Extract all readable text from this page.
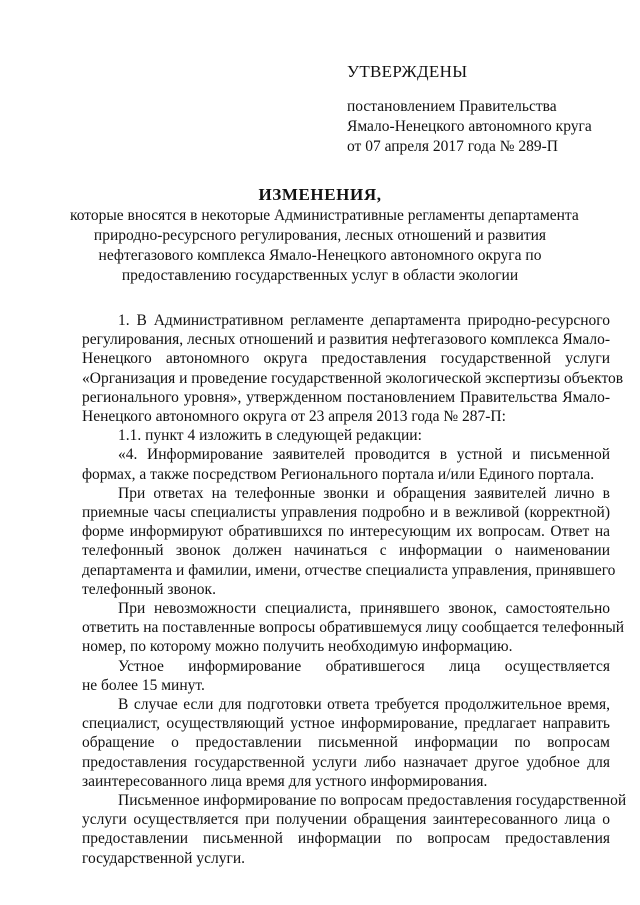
УТВЕРЖДЕНЫ
постановлением Правительства
Ямало-Ненецкого автономного круга
от 07 апреля 2017 года № 289-П
ИЗМЕНЕНИЯ,
которые вносятся в некоторые Административные регламенты департамента
природно-ресурсного регулирования, лесных отношений и развития
нефтегазового комплекса Ямало-Ненецкого автономного округа по
предоставлению государственных услуг в области экологии
1. В Административном регламенте департамента природно-ресурсного
регулирования, лесных отношений и развития нефтегазового комплекса Ямало-
Ненецкого автономного округа предоставления государственной услуги
«Организация и проведение государственной экологической экспертизы объектов
регионального уровня», утвержденном постановлением Правительства Ямало-
Ненецкого автономного округа от 23 апреля 2013 года № 287-П:
1.1. пункт 4 изложить в следующей редакции:
«4. Информирование заявителей проводится в устной и письменной
формах, а также посредством Регионального портала и/или Единого портала.
При ответах на телефонные звонки и обращения заявителей лично в
приемные часы специалисты управления подробно и в вежливой (корректной)
форме информируют обратившихся по интересующим их вопросам. Ответ на
телефонный звонок должен начинаться с информации о наименовании
департамента и фамилии, имени, отчестве специалиста управления, принявшего
телефонный звонок.
При невозможности специалиста, принявшего звонок, самостоятельно
ответить на поставленные вопросы обратившемуся лицу сообщается телефонный
номер, по которому можно получить необходимую информацию.
Устное информирование обратившегося лица осуществляется
не более 15 минут.
В случае если для подготовки ответа требуется продолжительное время,
специалист, осуществляющий устное информирование, предлагает направить
обращение о предоставлении письменной информации по вопросам
предоставления государственной услуги либо назначает другое удобное для
заинтересованного лица время для устного информирования.
Письменное информирование по вопросам предоставления государственной
услуги осуществляется при получении обращения заинтересованного лица о
предоставлении письменной информации по вопросам предоставления
государственной услуги.
